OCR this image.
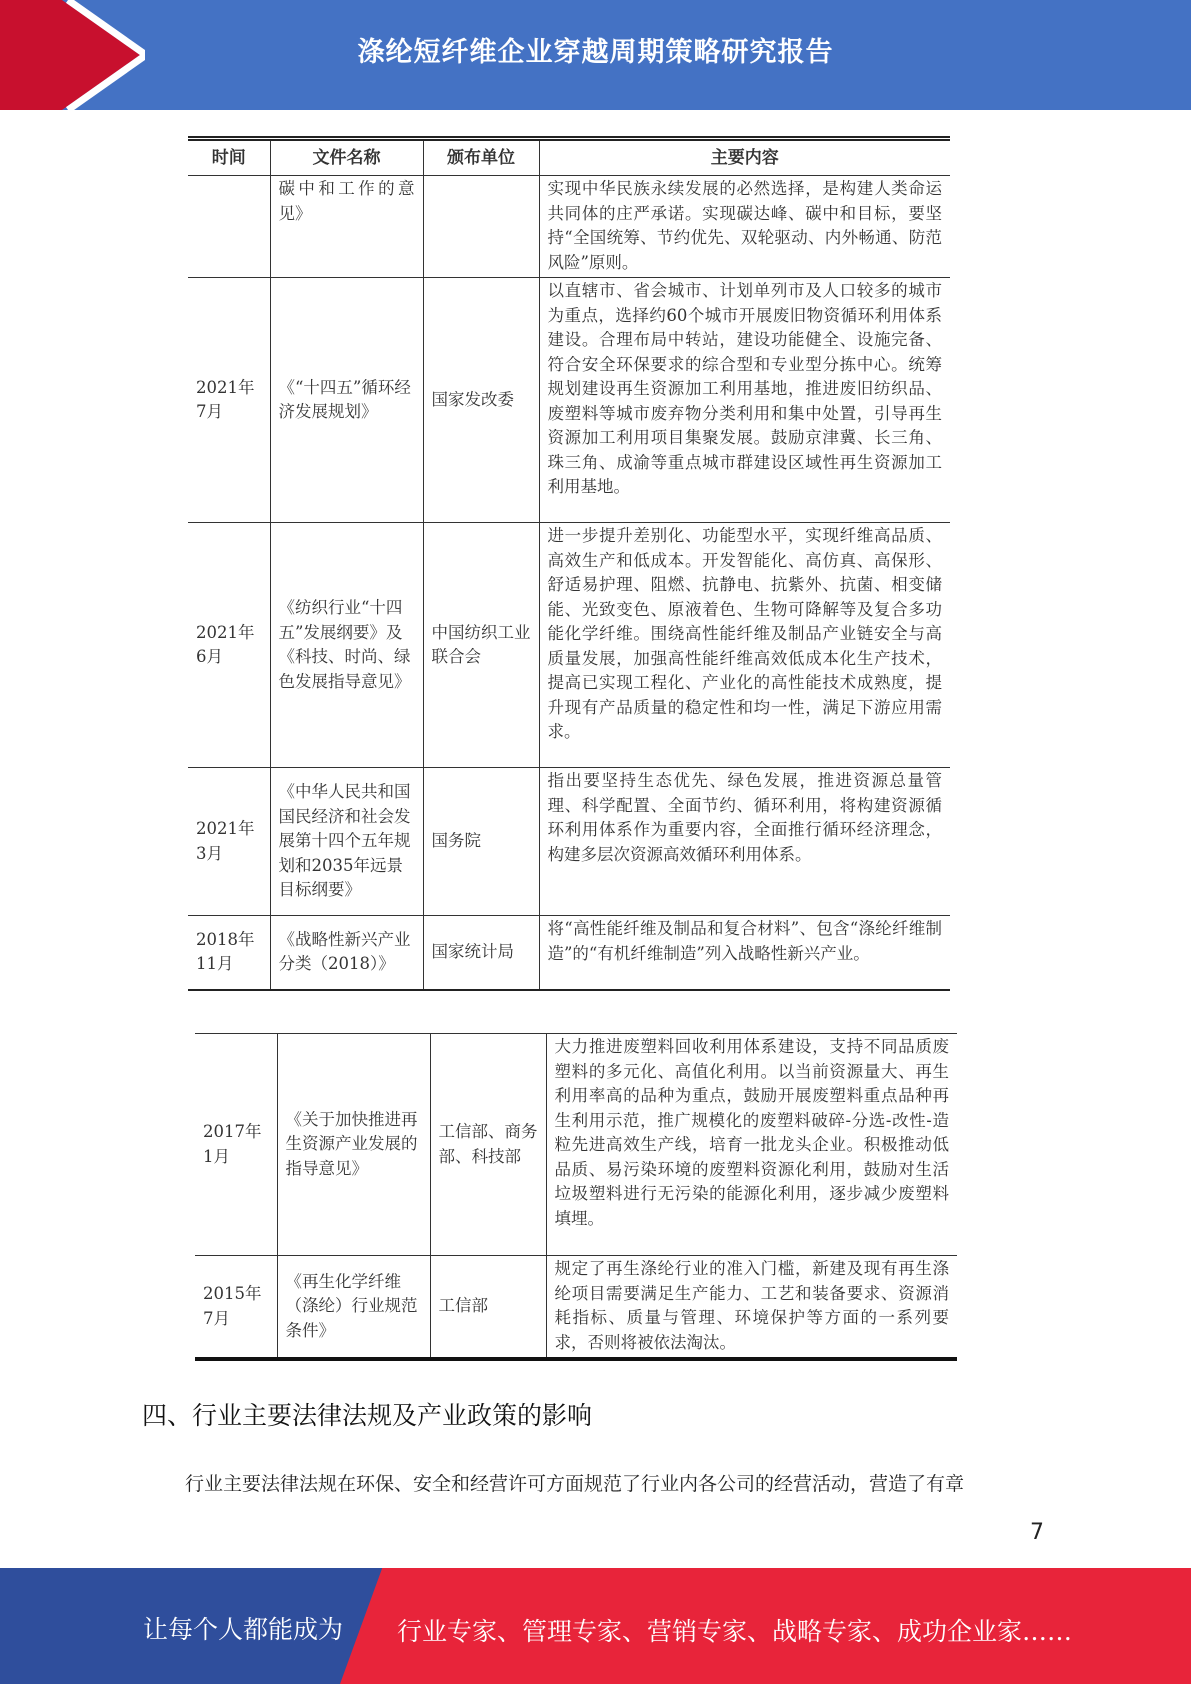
涤纶短纤维企业穿越周期策略研究报告
时间	文件名称	颁布单位	主要内容
	碳中和工作的意见》		实现中华民族永续发展的必然选择，是构建人类命运共同体的庄严承诺。实现碳达峰、碳中和目标，要坚持“全国统筹、节约优先、双轮驱动、内外畅通、防范风险”原则。
2021年7月	《“十四五”循环经济发展规划》	国家发改委	以直辖市、省会城市、计划单列市及人口较多的城市为重点，选择约60个城市开展废旧物资循环利用体系建设。合理布局中转站，建设功能健全、设施完备、符合安全环保要求的综合型和专业型分拣中心。统筹规划建设再生资源加工利用基地，推进废旧纺织品、废塑料等城市废弃物分类利用和集中处置，引导再生资源加工利用项目集聚发展。鼓励京津冀、长三角、珠三角、成渝等重点城市群建设区域性再生资源加工利用基地。
2021年6月	《纺织行业“十四五”发展纲要》及《科技、时尚、绿色发展指导意见》	中国纺织工业联合会	进一步提升差别化、功能型水平，实现纤维高品质、高效生产和低成本。开发智能化、高仿真、高保形、舒适易护理、阻燃、抗静电、抗紫外、抗菌、相变储能、光致变色、原液着色、生物可降解等及复合多功能化学纤维。围绕高性能纤维及制品产业链安全与高质量发展，加强高性能纤维高效低成本化生产技术，提高已实现工程化、产业化的高性能技术成熟度，提升现有产品质量的稳定性和均一性，满足下游应用需求。
2021年3月	《中华人民共和国国民经济和社会发展第十四个五年规划和2035年远景目标纲要》	国务院	指出要坚持生态优先、绿色发展，推进资源总量管理、科学配置、全面节约、循环利用，将构建资源循环利用体系作为重要内容，全面推行循环经济理念，构建多层次资源高效循环利用体系。
2018年11月	《战略性新兴产业分类（2018）》	国家统计局	将“高性能纤维及制品和复合材料”、包含“涤纶纤维制造”的“有机纤维制造”列入战略性新兴产业。
2017年1月	《关于加快推进再生资源产业发展的指导意见》	工信部、商务部、科技部	大力推进废塑料回收利用体系建设，支持不同品质废塑料的多元化、高值化利用。以当前资源量大、再生利用率高的品种为重点，鼓励开展废塑料重点品种再生利用示范，推广规模化的废塑料破碎-分选-改性-造粒先进高效生产线，培育一批龙头企业。积极推动低品质、易污染环境的废塑料资源化利用，鼓励对生活垃圾塑料进行无污染的能源化利用，逐步减少废塑料填埋。
2015年7月	《再生化学纤维（涤纶）行业规范条件》	工信部	规定了再生涤纶行业的准入门槛，新建及现有再生涤纶项目需要满足生产能力、工艺和装备要求、资源消耗指标、质量与管理、环境保护等方面的一系列要求，否则将被依法淘汰。
四、行业主要法律法规及产业政策的影响
行业主要法律法规在环保、安全和经营许可方面规范了行业内各公司的经营活动，营造了有章
7
让每个人都能成为 行业专家、管理专家、营销专家、战略专家、成功企业家……
